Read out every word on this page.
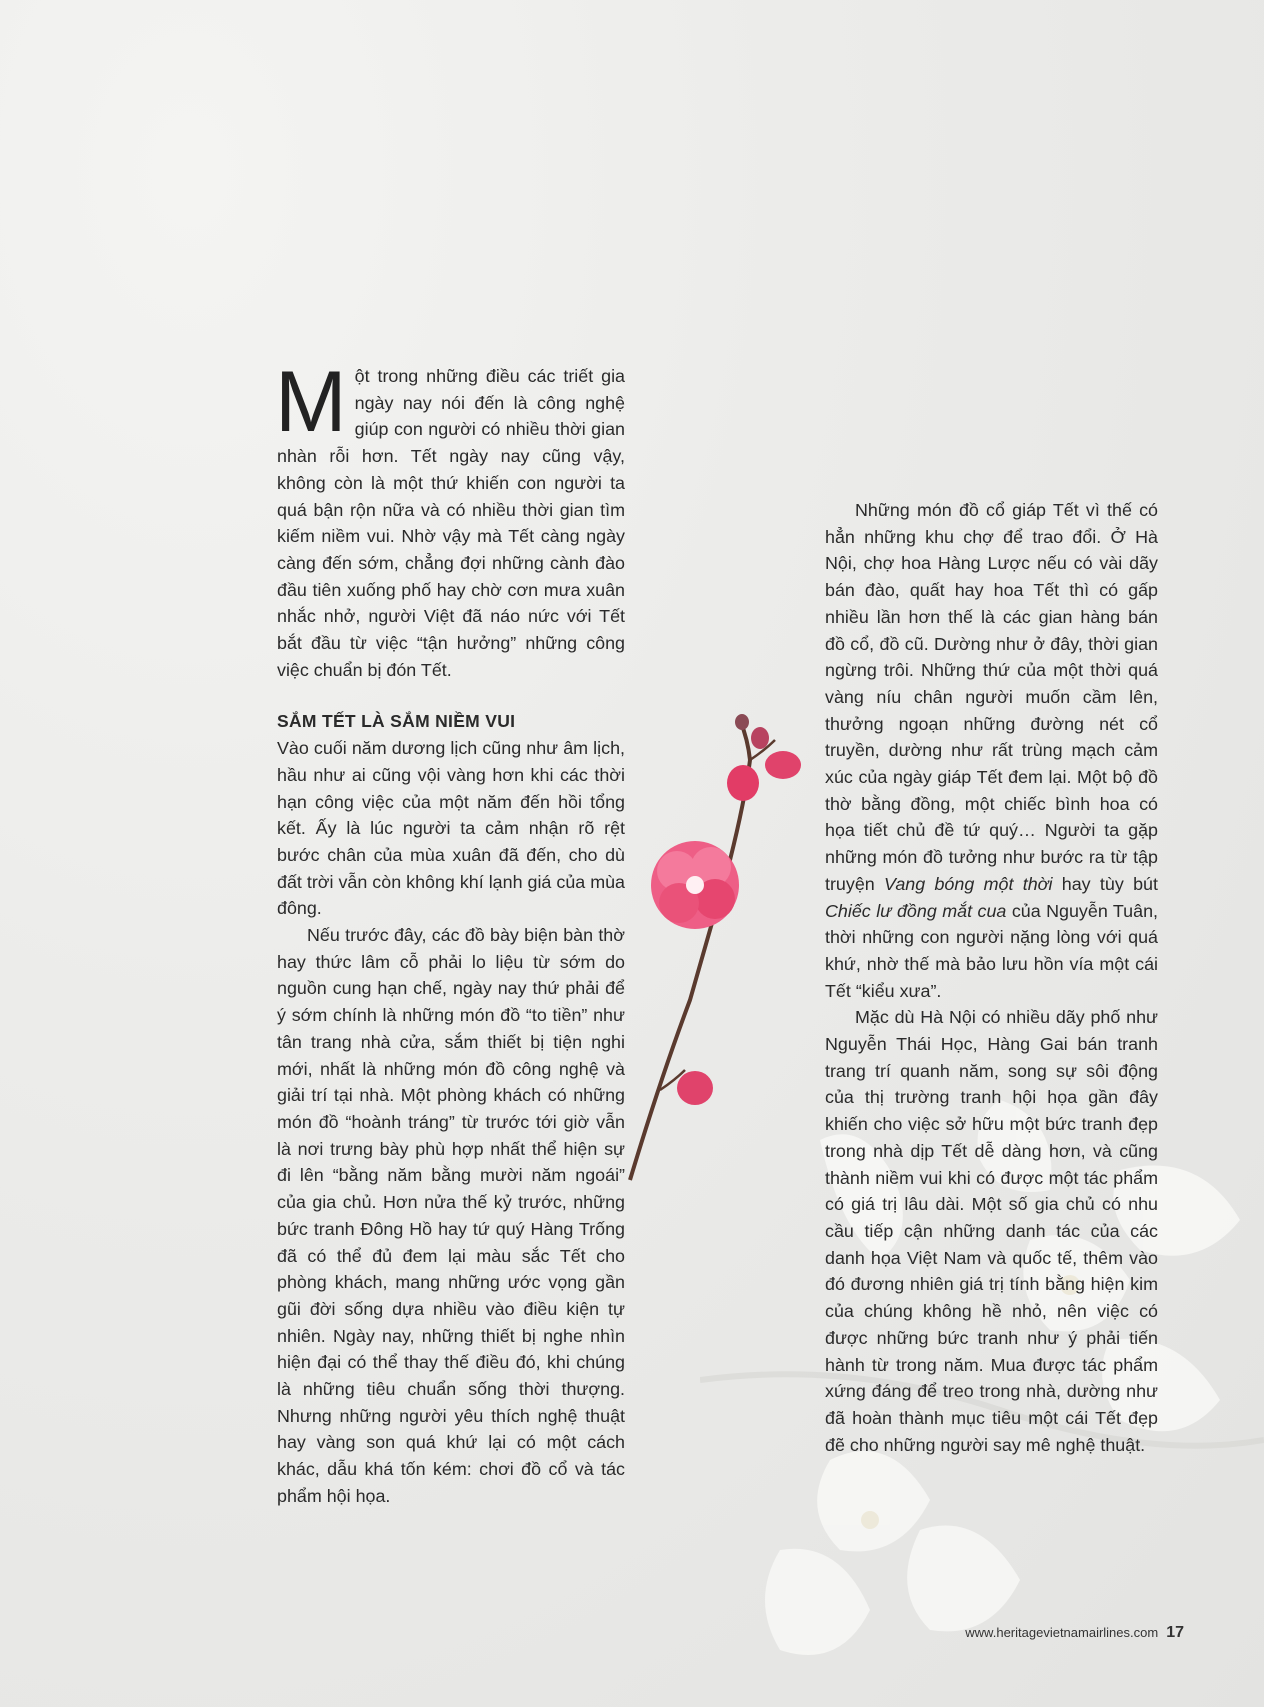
Một trong những điều các triết gia ngày nay nói đến là công nghệ giúp con người có nhiều thời gian nhàn rỗi hơn. Tết ngày nay cũng vậy, không còn là một thứ khiến con người ta quá bận rộn nữa và có nhiều thời gian tìm kiếm niềm vui. Nhờ vậy mà Tết càng ngày càng đến sớm, chẳng đợi những cành đào đầu tiên xuống phố hay chờ cơn mưa xuân nhắc nhở, người Việt đã náo nức với Tết bắt đầu từ việc “tận hưởng” những công việc chuẩn bị đón Tết.

SẮM TẾT LÀ SẮM NIỀM VUI

Vào cuối năm dương lịch cũng như âm lịch, hầu như ai cũng vội vàng hơn khi các thời hạn công việc của một năm đến hồi tổng kết. Ấy là lúc người ta cảm nhận rõ rệt bước chân của mùa xuân đã đến, cho dù đất trời vẫn còn không khí lạnh giá của mùa đông.

Nếu trước đây, các đồ bày biện bàn thờ hay thức lâm cỗ phải lo liệu từ sớm do nguồn cung hạn chế, ngày nay thứ phải để ý sớm chính là những món đồ “to tiền” như tân trang nhà cửa, sắm thiết bị tiện nghi mới, nhất là những món đồ công nghệ và giải trí tại nhà. Một phòng khách có những món đồ “hoành tráng” từ trước tới giờ vẫn là nơi trưng bày phù hợp nhất thể hiện sự đi lên “bằng năm bằng mười năm ngoái” của gia chủ. Hơn nửa thế kỷ trước, những bức tranh Đông Hồ hay tứ quý Hàng Trống đã có thể đủ đem lại màu sắc Tết cho phòng khách, mang những ước vọng gần gũi đời sống dựa nhiều vào điều kiện tự nhiên. Ngày nay, những thiết bị nghe nhìn hiện đại có thể thay thế điều đó, khi chúng là những tiêu chuẩn sống thời thượng. Nhưng những người yêu thích nghệ thuật hay vàng son quá khứ lại có một cách khác, dẫu khá tốn kém: chơi đồ cổ và tác phẩm hội họa.

Những món đồ cổ giáp Tết vì thế có hẳn những khu chợ để trao đổi. Ở Hà Nội, chợ hoa Hàng Lược nếu có vài dãy bán đào, quất hay hoa Tết thì có gấp nhiều lần hơn thế là các gian hàng bán đồ cổ, đồ cũ. Dường như ở đây, thời gian ngừng trôi. Những thứ của một thời quá vàng níu chân người muốn cầm lên, thưởng ngoạn những đường nét cổ truyền, dường như rất trùng mạch cảm xúc của ngày giáp Tết đem lại. Một bộ đồ thờ bằng đồng, một chiếc bình hoa có họa tiết chủ đề tứ quý… Người ta gặp những món đồ tưởng như bước ra từ tập truyện Vang bóng một thời hay tùy bút Chiếc lư đồng mắt cua của Nguyễn Tuân, thời những con người nặng lòng với quá khứ, nhờ thế mà bảo lưu hồn vía một cái Tết “kiểu xưa”.

Mặc dù Hà Nội có nhiều dãy phố như Nguyễn Thái Học, Hàng Gai bán tranh trang trí quanh năm, song sự sôi động của thị trường tranh hội họa gần đây khiến cho việc sở hữu một bức tranh đẹp trong nhà dịp Tết dễ dàng hơn, và cũng thành niềm vui khi có được một tác phẩm có giá trị lâu dài. Một số gia chủ có nhu cầu tiếp cận những danh tác của các danh họa Việt Nam và quốc tế, thêm vào đó đương nhiên giá trị tính bằng hiện kim của chúng không hề nhỏ, nên việc có được những bức tranh như ý phải tiến hành từ trong năm. Mua được tác phẩm xứng đáng để treo trong nhà, dường như đã hoàn thành mục tiêu một cái Tết đẹp đẽ cho những người say mê nghệ thuật.

www.heritagevietnamairlines.com 17
